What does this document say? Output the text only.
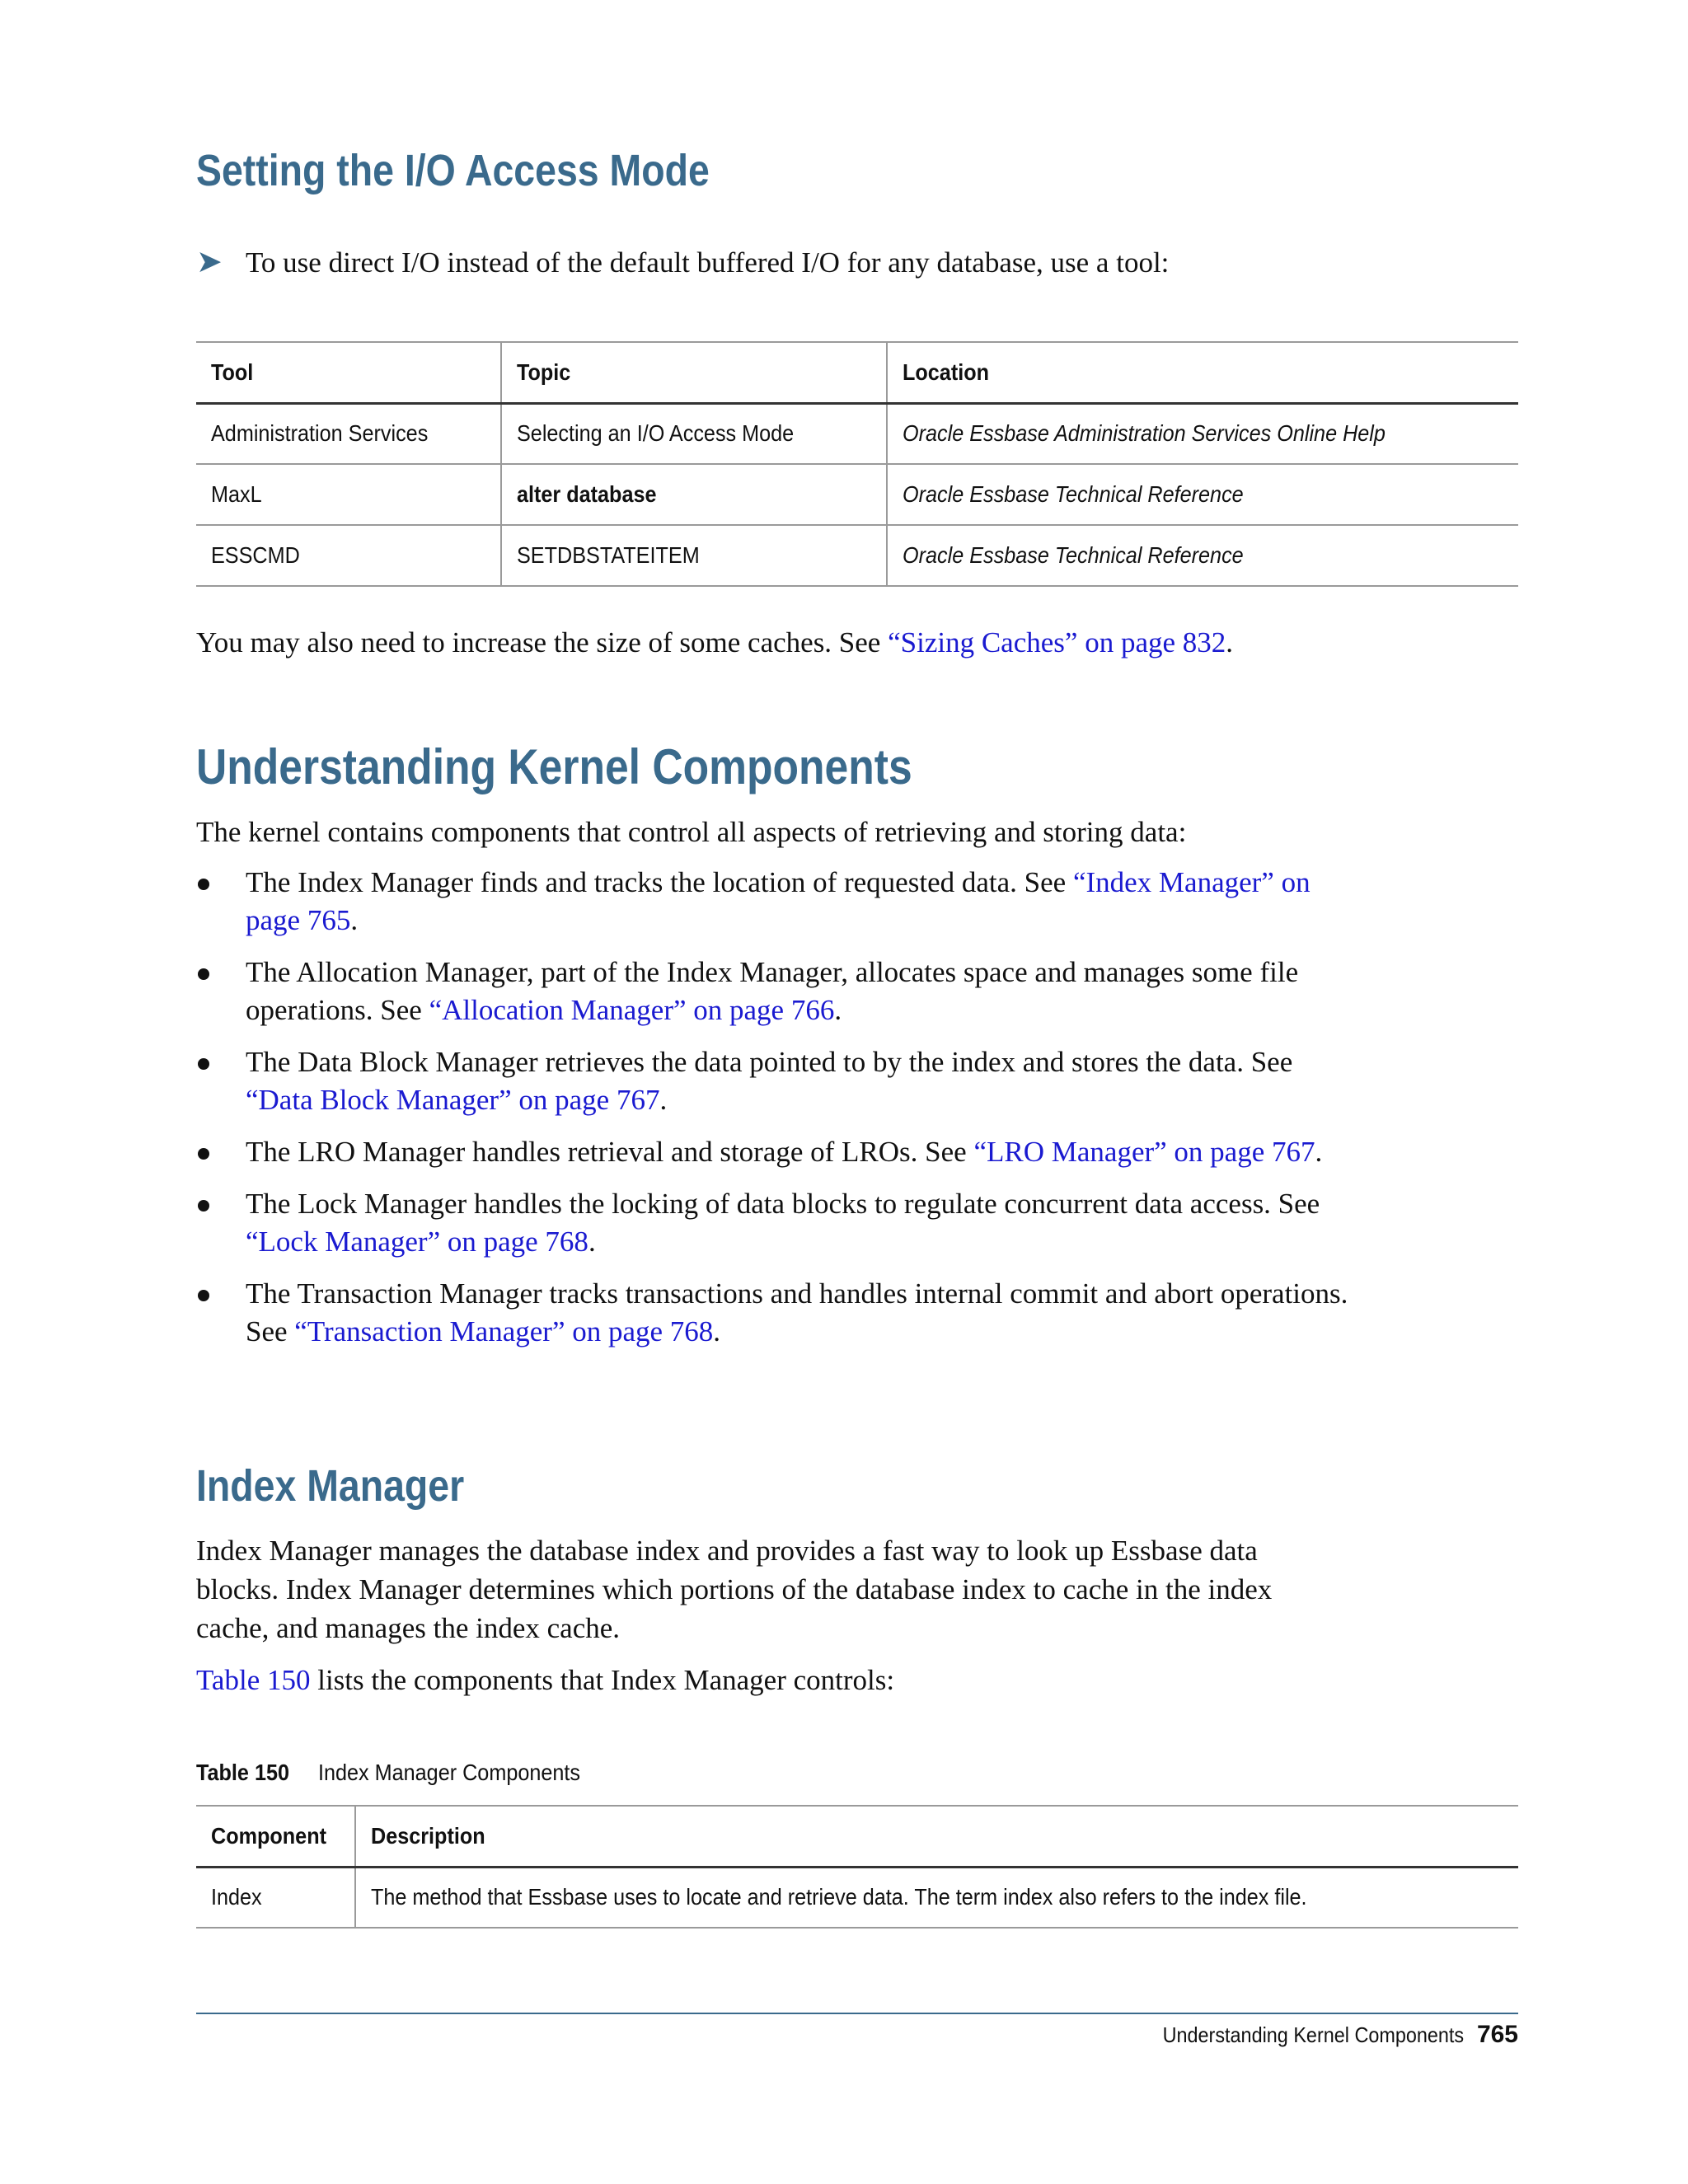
Setting the I/O Access Mode
➤ To use direct I/O instead of the default buffered I/O for any database, use a tool:
Tool	Topic	Location
Administration Services	Selecting an I/O Access Mode	Oracle Essbase Administration Services Online Help
MaxL	alter database	Oracle Essbase Technical Reference
ESSCMD	SETDBSTATEITEM	Oracle Essbase Technical Reference

You may also need to increase the size of some caches. See “Sizing Caches” on page 832.

Understanding Kernel Components

The kernel contains components that control all aspects of retrieving and storing data:

The Index Manager finds and tracks the location of requested data. See “Index Manager” on page 765.
The Allocation Manager, part of the Index Manager, allocates space and manages some file operations. See “Allocation Manager” on page 766.
The Data Block Manager retrieves the data pointed to by the index and stores the data. See “Data Block Manager” on page 767.
The LRO Manager handles retrieval and storage of LROs. See “LRO Manager” on page 767.
The Lock Manager handles the locking of data blocks to regulate concurrent data access. See “Lock Manager” on page 768.
The Transaction Manager tracks transactions and handles internal commit and abort operations. See “Transaction Manager” on page 768.
Index Manager

Index Manager manages the database index and provides a fast way to look up Essbase data blocks. Index Manager determines which portions of the database index to cache in the index cache, and manages the index cache.

Table 150 lists the components that Index Manager controls:

Table 150 Index Manager Components
Component	Description
Index	The method that Essbase uses to locate and retrieve data. The term index also refers to the index file.
Understanding Kernel Components 765
